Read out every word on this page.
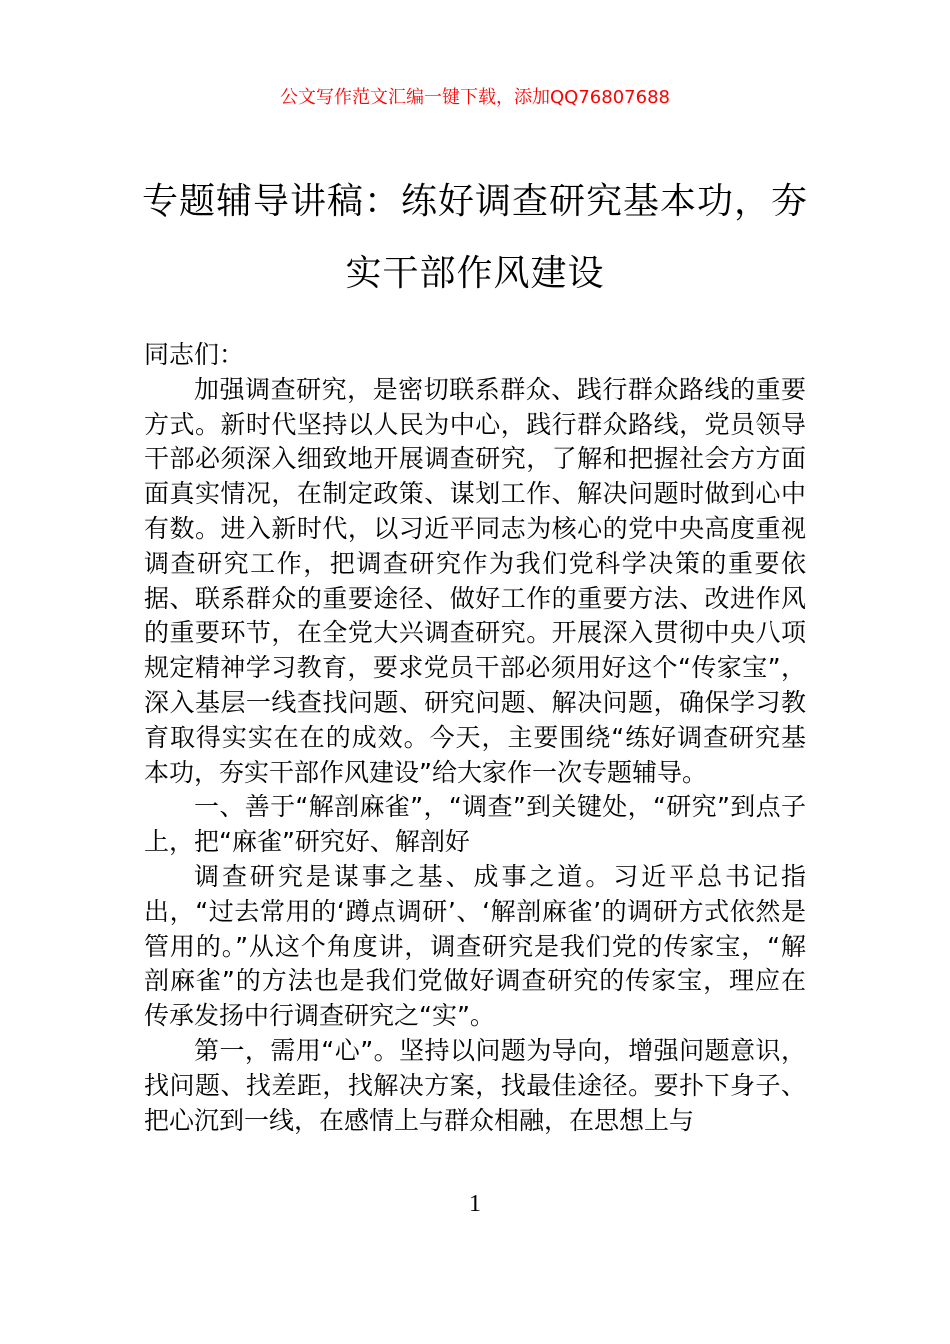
公文写作范文汇编一键下载，添加QQ76807688
专题辅导讲稿：练好调查研究基本功，夯实干部作风建设

同志们：

加强调查研究，是密切联系群众、践行群众路线的重要方式。新时代坚持以人民为中心，践行群众路线，党员领导干部必须深入细致地开展调查研究，了解和把握社会方方面面真实情况，在制定政策、谋划工作、解决问题时做到心中有数。进入新时代，以习近平同志为核心的党中央高度重视调查研究工作，把调查研究作为我们党科学决策的重要依据、联系群众的重要途径、做好工作的重要方法、改进作风的重要环节，在全党大兴调查研究。开展深入贯彻中央八项规定精神学习教育，要求党员干部必须用好这个“传家宝”，深入基层一线查找问题、研究问题、解决问题，确保学习教育取得实实在在的成效。今天，主要围绕“练好调查研究基本功，夯实干部作风建设”给大家作一次专题辅导。

一、善于“解剖麻雀”，“调查”到关键处，“研究”到点子上，把“麻雀”研究好、解剖好

调查研究是谋事之基、成事之道。习近平总书记指出，“过去常用的‘蹲点调研’、‘解剖麻雀’的调研方式依然是管用的。”从这个角度讲，调查研究是我们党的传家宝，“解剖麻雀”的方法也是我们党做好调查研究的传家宝，理应在传承发扬中行调查研究之“实”。

第一，需用“心”。坚持以问题为导向，增强问题意识，找问题、找差距，找解决方案，找最佳途径。要扑下身子、把心沉到一线，在感情上与群众相融，在思想上与

1
